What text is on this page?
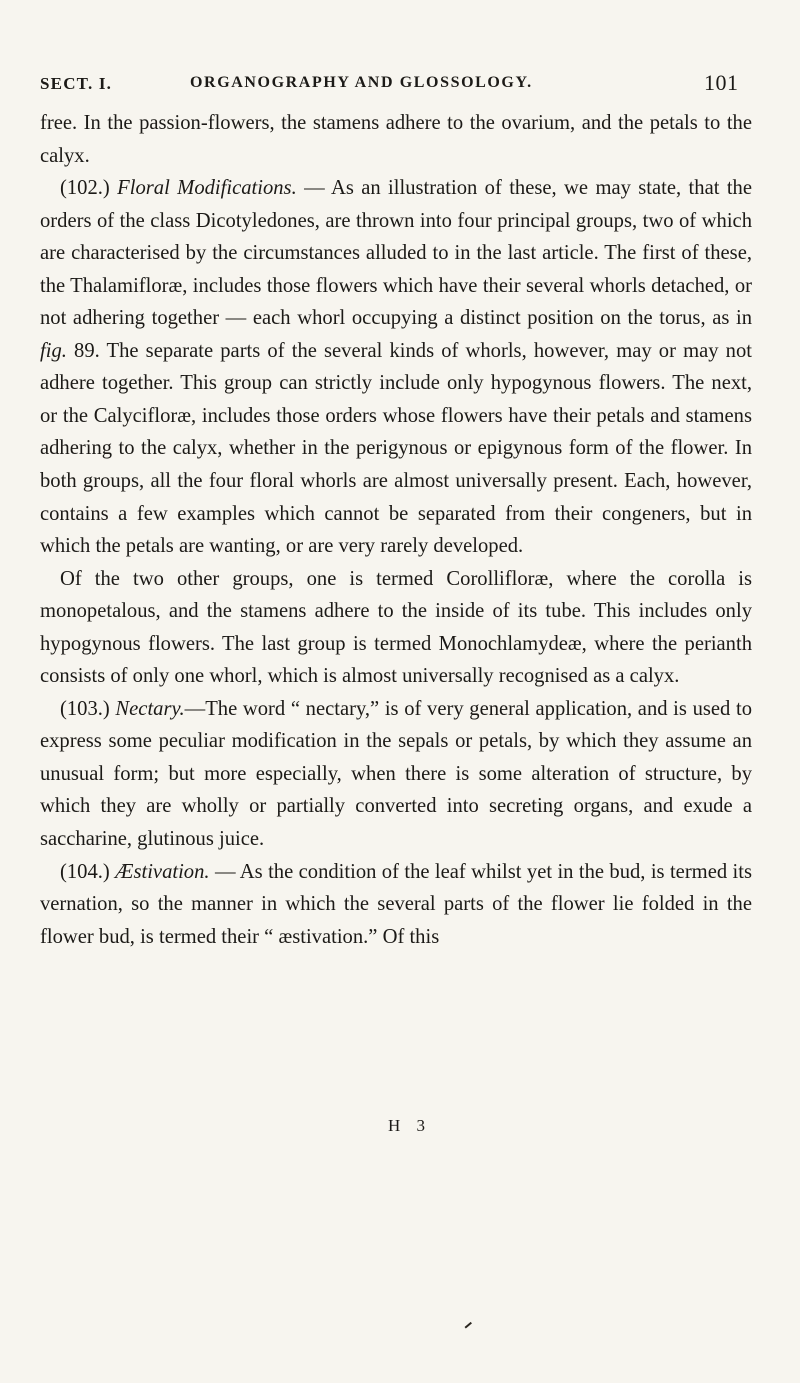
SECT. I.	ORGANOGRAPHY AND GLOSSOLOGY.	101

free. In the passion-flowers, the stamens adhere to the ovarium, and the petals to the calyx.

(102.) Floral Modifications. — As an illustration of these, we may state, that the orders of the class Dicotyledones, are thrown into four principal groups, two of which are characterised by the circumstances alluded to in the last article. The first of these, the Thalamifloræ, includes those flowers which have their several whorls detached, or not adhering together — each whorl occupying a distinct position on the torus, as in fig. 89. The separate parts of the several kinds of whorls, however, may or may not adhere together. This group can strictly include only hypogynous flowers. The next, or the Calycifloræ, includes those orders whose flowers have their petals and stamens adhering to the calyx, whether in the perigynous or epigynous form of the flower. In both groups, all the four floral whorls are almost universally present. Each, however, contains a few examples which cannot be separated from their congeners, but in which the petals are wanting, or are very rarely developed.

Of the two other groups, one is termed Corollifloræ, where the corolla is monopetalous, and the stamens adhere to the inside of its tube. This includes only hypogynous flowers. The last group is termed Monochlamydeæ, where the perianth consists of only one whorl, which is almost universally recognised as a calyx.

(103.) Nectary.—The word “ nectary,” is of very general application, and is used to express some peculiar modification in the sepals or petals, by which they assume an unusual form; but more especially, when there is some alteration of structure, by which they are wholly or partially converted into secreting organs, and exude a saccharine, glutinous juice.

(104.) Æstivation. — As the condition of the leaf whilst yet in the bud, is termed its vernation, so the manner in which the several parts of the flower lie folded in the flower bud, is termed their “ æstivation.” Of this

H 3
